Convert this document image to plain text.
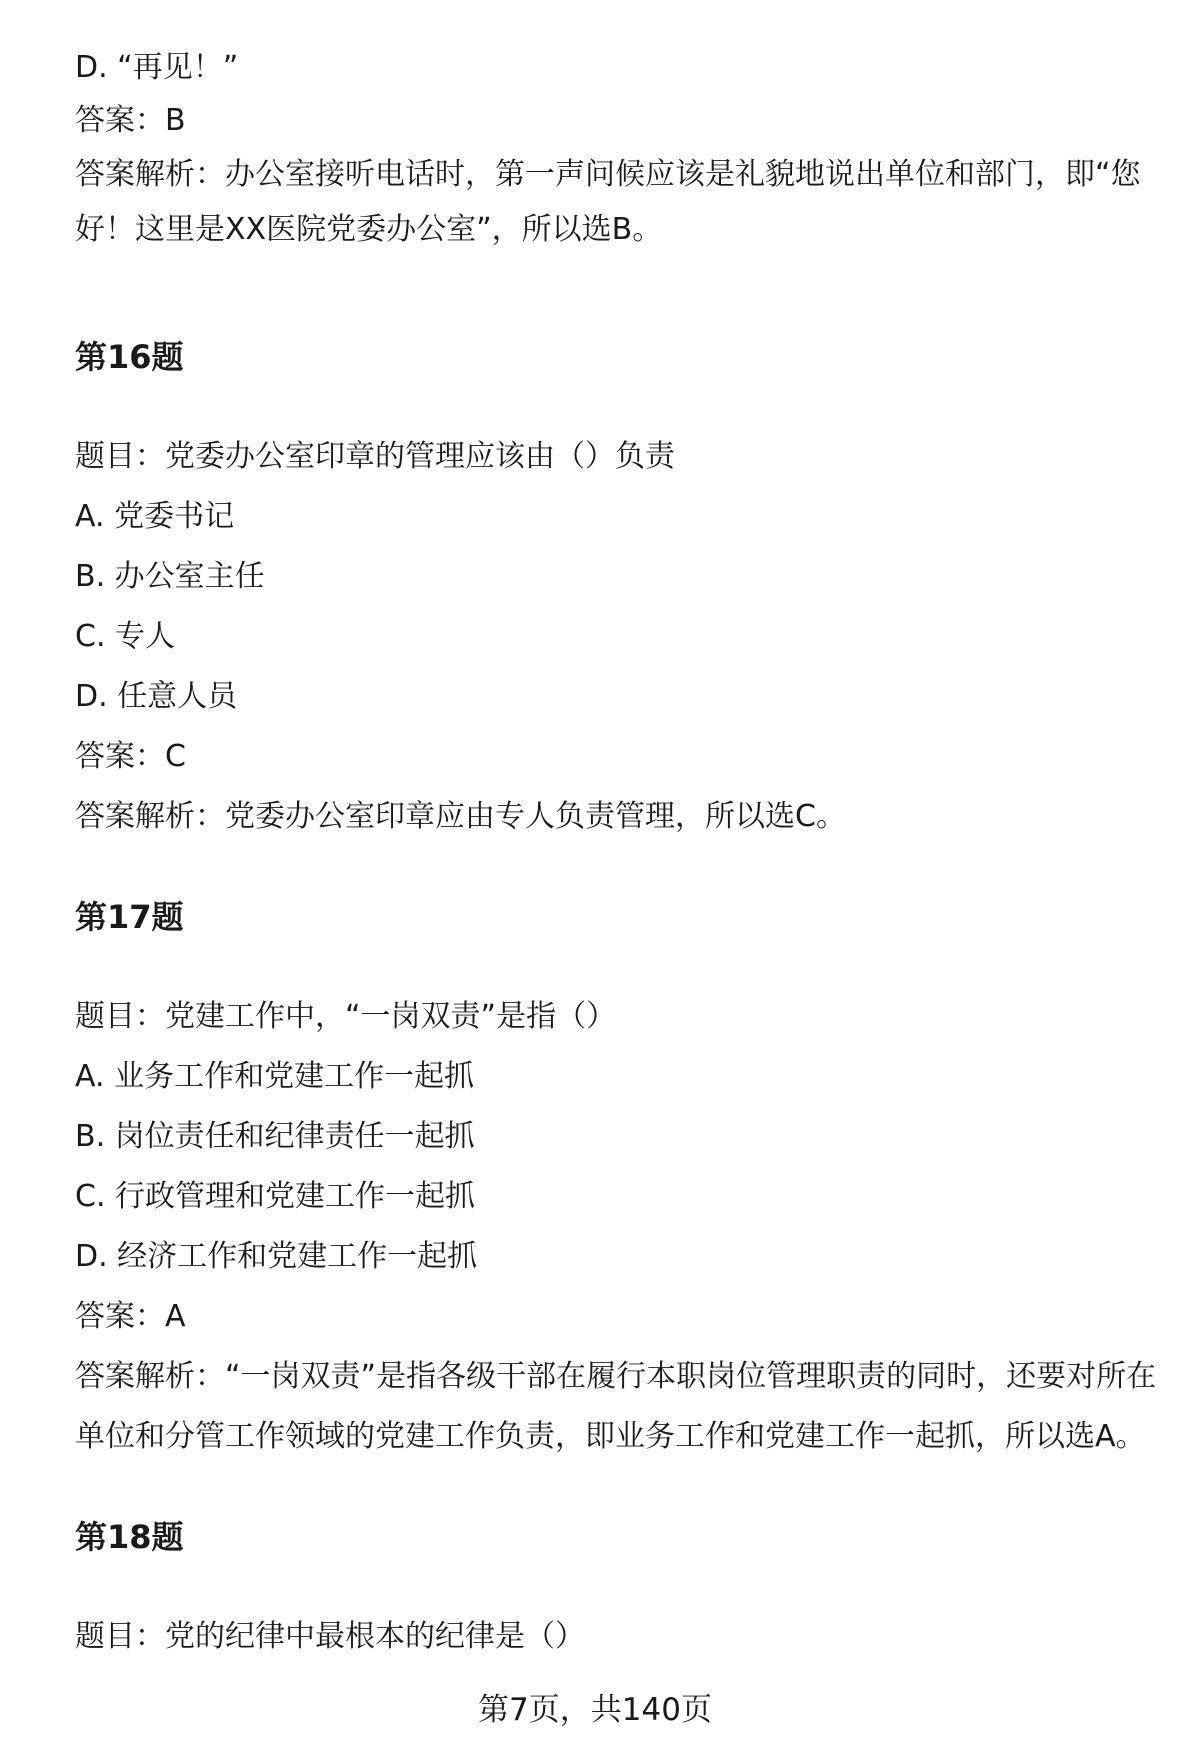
D. “再见！”

答案：B

答案解析：办公室接听电话时，第一声问候应该是礼貌地说出单位和部门，即“您

好！这里是XX医院党委办公室”，所以选B。

第16题

题目：党委办公室印章的管理应该由（）负责

A. 党委书记

B. 办公室主任

C. 专人

D. 任意人员

答案：C

答案解析：党委办公室印章应由专人负责管理，所以选C。

第17题

题目：党建工作中，“一岗双责”是指（）

A. 业务工作和党建工作一起抓

B. 岗位责任和纪律责任一起抓

C. 行政管理和党建工作一起抓

D. 经济工作和党建工作一起抓

答案：A

答案解析：“一岗双责”是指各级干部在履行本职岗位管理职责的同时，还要对所在

单位和分管工作领域的党建工作负责，即业务工作和党建工作一起抓，所以选A。

第18题

题目：党的纪律中最根本的纪律是（）

第7页，共140页
